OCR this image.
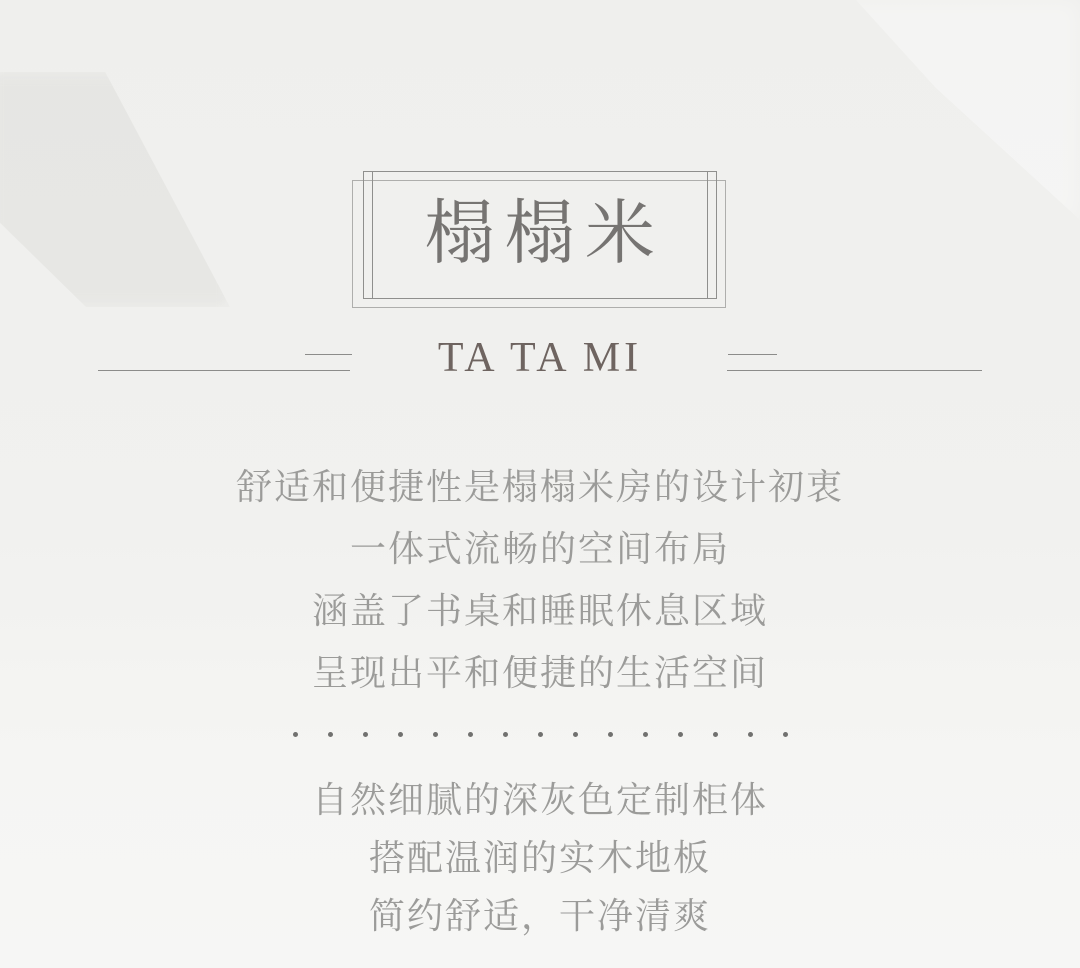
榻榻米
TA TA MI
舒适和便捷性是榻榻米房的设计初衷
一体式流畅的空间布局
涵盖了书桌和睡眠休息区域
呈现出平和便捷的生活空间
自然细腻的深灰色定制柜体
搭配温润的实木地板
简约舒适，干净清爽
